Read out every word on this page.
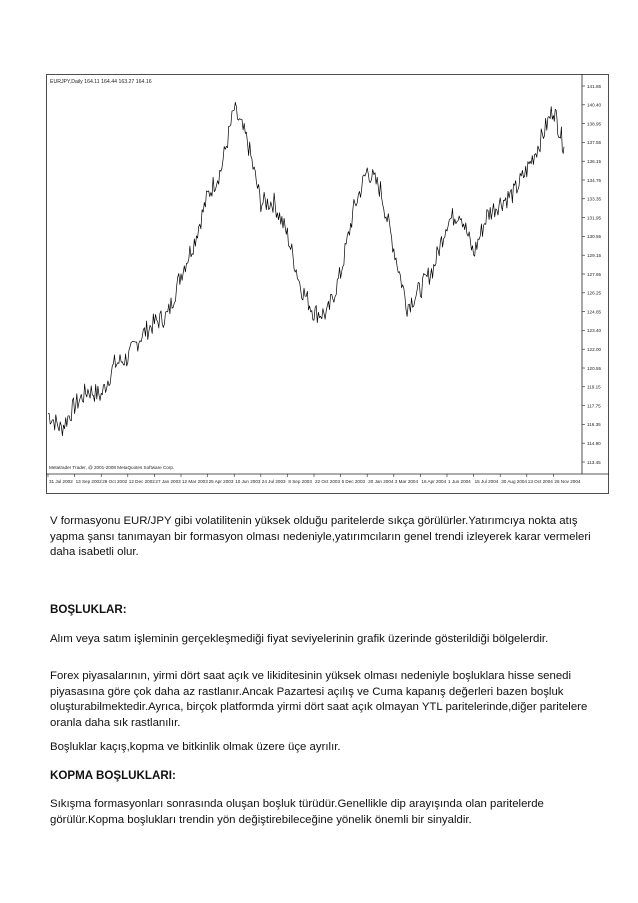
EURJPY,Daily 164.11 164.44 163.27 164.16
Metatrader Trader, @ 2001-2008 MetaQuotes Software Corp.
141.85
140.40
138.95
137.55
136.15
134.75
133.35
131.95
130.55
129.15
127.65
126.25
124.85
123.40
122.00
120.55
119.15
117.75
116.35
114.90
113.45
31 Jul 2002 13 Sep 2002 29 Oct 2002 12 Dec 2002 27 Jan 2003 12 Mar 2003 25 Apr 2003 10 Jun 2003 24 Jul 2003 8 Sep 2003 22 Oct 2003 5 Dec 2003 20 Jan 2004 3 Mar 2004 16 Apr 2004 1 Jun 2004 15 Jul 2004 30 Aug 2004 13 Oct 2004 26 Nov 2004

V formasyonu EUR/JPY gibi volatilitenin yüksek olduğu paritelerde sıkça görülürler.Yatırımcıya nokta atış yapma şansı tanımayan bir formasyon olması nedeniyle,yatırımcıların genel trendi izleyerek karar vermeleri daha isabetli olur.

BOŞLUKLAR:

Alım veya satım işleminin gerçekleşmediği fiyat seviyelerinin grafik üzerinde gösterildiği bölgelerdir.

Forex piyasalarının, yirmi dört saat açık ve likiditesinin yüksek olması nedeniyle boşluklara hisse senedi piyasasına göre çok daha az rastlanır.Ancak Pazartesi açılış ve Cuma kapanış değerleri bazen boşluk oluşturabilmektedir.Ayrıca, birçok platformda yirmi dört saat açık olmayan YTL paritelerinde,diğer paritelere oranla daha sık rastlanılır.

Boşluklar kaçış,kopma ve bitkinlik olmak üzere üçe ayrılır.

KOPMA BOŞLUKLARI:

Sıkışma formasyonları sonrasında oluşan boşluk türüdür.Genellikle dip arayışında olan paritelerde görülür.Kopma boşlukları trendin yön değiştirebileceğine yönelik önemli bir sinyaldir.
